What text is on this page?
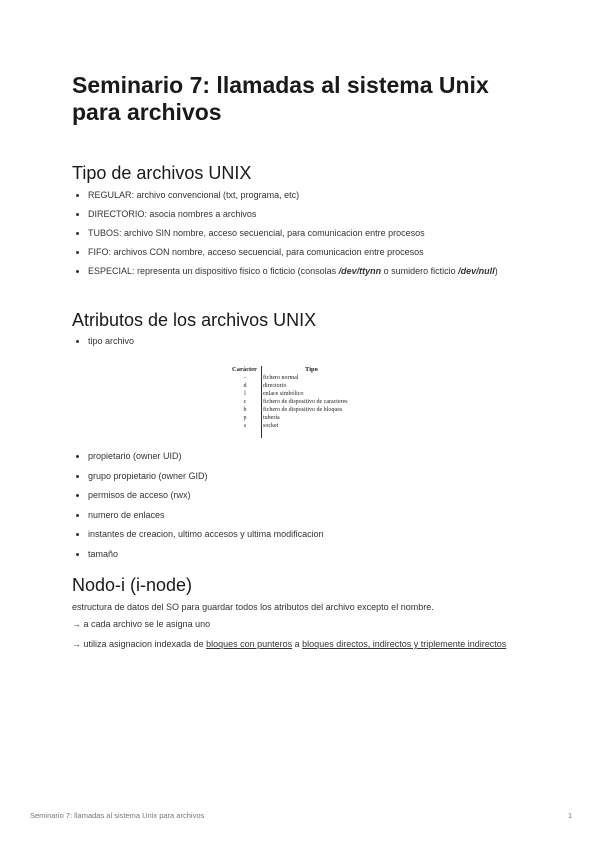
Seminario 7: llamadas al sistema Unix para archivos
Tipo de archivos UNIX
REGULAR: archivo convencional (txt, programa, etc)
DIRECTORIO: asocia nombres a archivos
TUBOS: archivo SIN nombre, acceso secuencial, para comunicacion entre procesos
FIFO: archivos CON nombre, acceso secuencial, para comunicacion entre procesos
ESPECIAL: representa un dispositivo fisico o ficticio (consolas /dev/ttynn o sumidero ficticio /dev/null)
Atributos de los archivos UNIX
tipo archivo
Carácter	Tipo
-	fichero normal
d	directorio
l	enlace simbólico
c	fichero de dispositivo de caracteres
b	fichero de dispositivo de bloques
p	tubería
s	socket
propietario (owner UID)
grupo propietario (owner GID)
permisos de acceso (rwx)
numero de enlaces
instantes de creacion, ultimo accesos y ultima modificacion
tamaño
Nodo-i (i-node)

estructura de datos del SO para guardar todos los atributos del archivo excepto el nombre.

→ a cada archivo se le asigna uno

→ utiliza asignacion indexada de bloques con punteros a bloques directos, indirectos y triplemente indirectos

Seminario 7: llamadas al sistema Unix para archivos	1
